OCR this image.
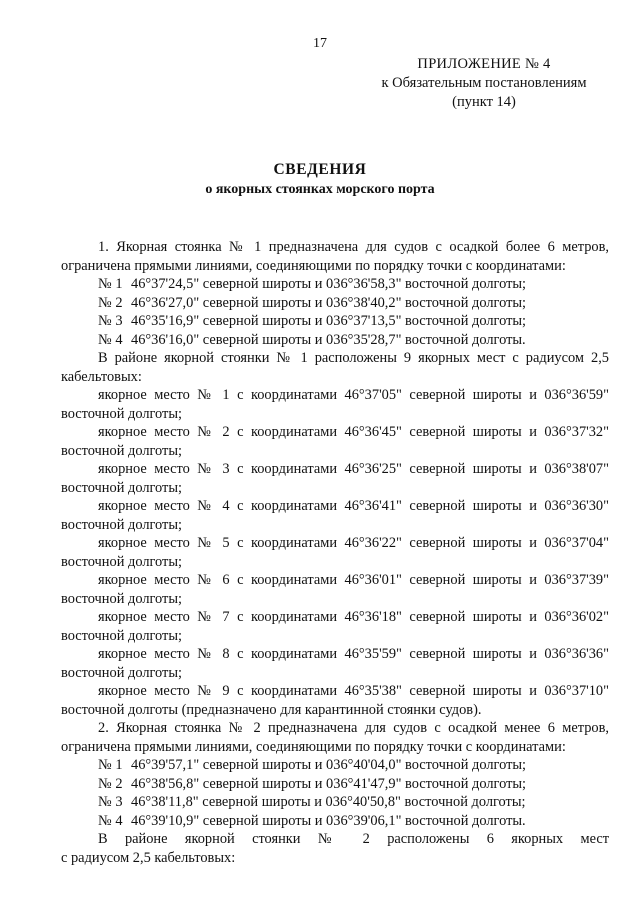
17
ПРИЛОЖЕНИЕ № 4
к Обязательным постановлениям
(пункт 14)
СВЕДЕНИЯ
о якорных стоянках морского порта

1. Якорная стоянка № 1 предназначена для судов с осадкой более 6 метров, ограничена прямыми линиями, соединяющими по порядку точки с координатами:

№ 1 46°37'24,5" северной широты и 036°36'58,3" восточной долготы;

№ 2 46°36'27,0" северной широты и 036°38'40,2" восточной долготы;

№ 3 46°35'16,9" северной широты и 036°37'13,5" восточной долготы;

№ 4 46°36'16,0" северной широты и 036°35'28,7" восточной долготы.

В районе якорной стоянки № 1 расположены 9 якорных мест с радиусом 2,5 кабельтовых:

якорное место № 1 с координатами 46°37'05" северной широты и 036°36'59" восточной долготы;

якорное место № 2 с координатами 46°36'45" северной широты и 036°37'32" восточной долготы;

якорное место № 3 с координатами 46°36'25" северной широты и 036°38'07" восточной долготы;

якорное место № 4 с координатами 46°36'41" северной широты и 036°36'30" восточной долготы;

якорное место № 5 с координатами 46°36'22" северной широты и 036°37'04" восточной долготы;

якорное место № 6 с координатами 46°36'01" северной широты и 036°37'39" восточной долготы;

якорное место № 7 с координатами 46°36'18" северной широты и 036°36'02" восточной долготы;

якорное место № 8 с координатами 46°35'59" северной широты и 036°36'36" восточной долготы;

якорное место № 9 с координатами 46°35'38" северной широты и 036°37'10" восточной долготы (предназначено для карантинной стоянки судов).

2. Якорная стоянка № 2 предназначена для судов с осадкой менее 6 метров, ограничена прямыми линиями, соединяющими по порядку точки с координатами:

№ 1 46°39'57,1" северной широты и 036°40'04,0" восточной долготы;

№ 2 46°38'56,8" северной широты и 036°41'47,9" восточной долготы;

№ 3 46°38'11,8" северной широты и 036°40'50,8" восточной долготы;

№ 4 46°39'10,9" северной широты и 036°39'06,1" восточной долготы.

В районе якорной стоянки № 2 расположены 6 якорных мест

с радиусом 2,5 кабельтовых:
